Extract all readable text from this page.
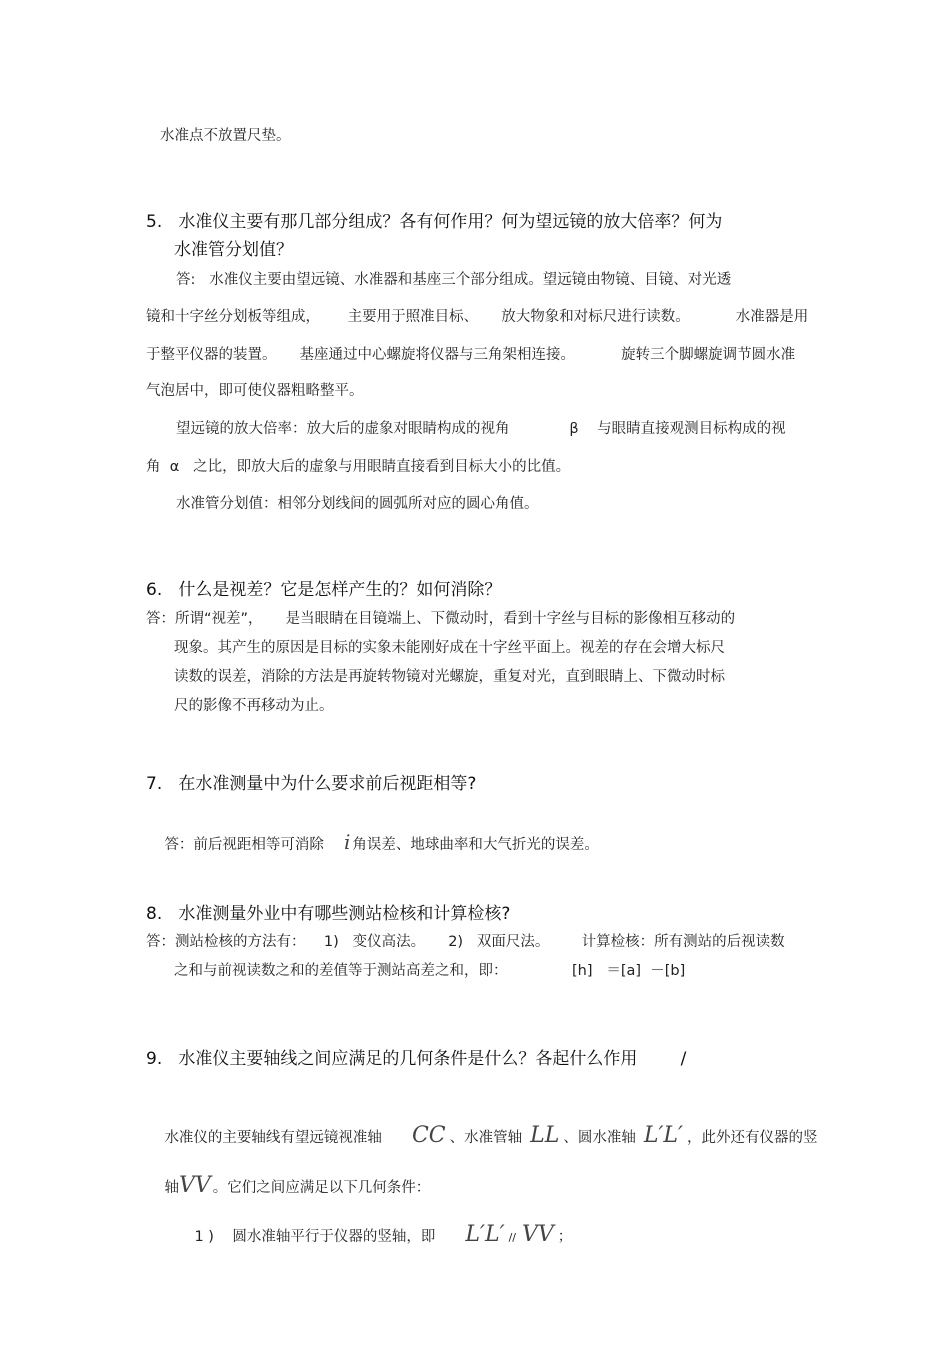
水准点不放置尺垫。
5.   水准仪主要有那几部分组成？各有何作用？何为望远镜的放大倍率？何为
水准管分划值？
答:   水准仪主要由望远镜、水准器和基座三个部分组成。望远镜由物镜、目镜、对光透
镜和十字丝分划板等组成，      主要用于照准目标、     放大物象和对标尺进行读数。          水准器是用
于整平仪器的装置。     基座通过中心螺旋将仪器与三角架相连接。          旋转三个脚螺旋调节圆水准
气泡居中，即可使仪器粗略整平。
望远镜的放大倍率：放大后的虚象对眼睛构成的视角             β    与眼睛直接观测目标构成的视
角  α   之比，即放大后的虚象与用眼睛直接看到目标大小的比值。
水准管分划值：相邻分划线间的圆弧所对应的圆心角值。
6.   什么是视差？它是怎样产生的？如何消除？
答：所谓“视差”，     是当眼睛在目镜端上、下微动时，看到十字丝与目标的影像相互移动的
现象。其产生的原因是目标的实象未能刚好成在十字丝平面上。视差的存在会增大标尺
读数的误差，消除的方法是再旋转物镜对光螺旋，重复对光，直到眼睛上、下微动时标
尺的影像不再移动为止。
7.   在水准测量中为什么要求前后视距相等?

答：前后视距相等可消除 i 角误差、地球曲率和大气折光的误差。

8.   水准测量外业中有哪些测站检核和计算检核?
答：测站检核的方法有：    1)   变仪高法。     2)   双面尺法。       计算检核：所有测站的后视读数
之和与前视读数之和的差值等于测站高差之和，即：              [h]   ＝[a]  －[b]
9.   水准仪主要轴线之间应满足的几何条件是什么？各起什么作用        /

水准仪的主要轴线有望远镜视准轴 CC 、水准管轴 LL 、圆水准轴 L′L′ ，此外还有仪器的竖

轴VV 。它们之间应满足以下几何条件：

1 )    圆水准轴平行于仪器的竖轴，即 L′L′ // VV ；
